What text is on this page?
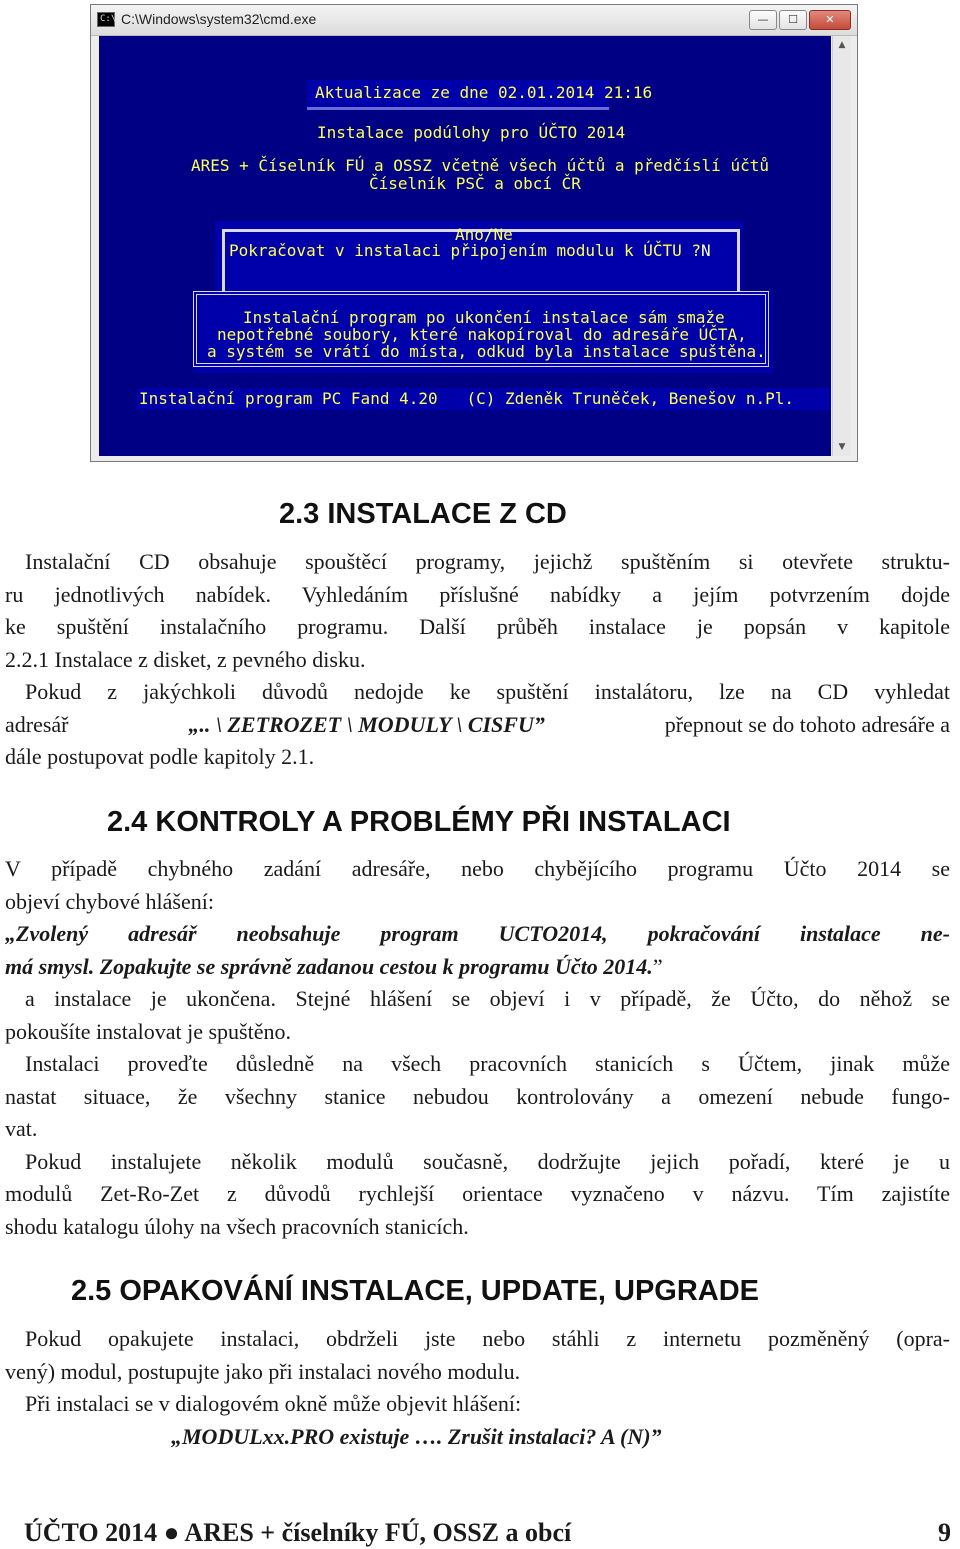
C:\ C:\Windows\system32\cmd.exe	—	☐	✕
Aktualizace ze dne 02.01.2014 21:16
Instalace podúlohy pro ÚČTO 2014
ARES + Číselník FÚ a OSSZ včetně všech účtů a předčíslí účtů
Číselník PSČ a obcí ČR
Ano/Ne
Pokračovat v instalaci připojením modulu k ÚČTU ? N
Instalační program po ukončení instalace sám smaže
nepotřebné soubory, které nakopíroval do adresáře ÚČTA,
a systém se vrátí do místa, odkud byla instalace spuštěna.
Instalační program PC Fand 4.20   (C) Zdeněk Truněček, Benešov n.Pl.
▲
▼
2.3 INSTALACE Z CD
Instalační CD obsahuje spouštěcí programy, jejichž spuštěním si otevřete struktu-
ru jednotlivých nabídek. Vyhledáním příslušné nabídky a jejím potvrzením dojde
ke spuštění instalačního programu. Další průběh instalace je popsán v kapitole
2.2.1 Instalace z disket, z pevného disku.
Pokud z jakýchkoli důvodů nedojde ke spuštění instalátoru, lze na CD vyhledat
adresář	„.. \ ZETROZET \ MODULY \ CISFU”	přepnout se do tohoto adresáře a
dále postupovat podle kapitoly 2.1.
2.4 KONTROLY A PROBLÉMY PŘI INSTALACI
V případě chybného zadání adresáře, nebo chybějícího programu Účto 2014 se
objeví chybové hlášení:
„Zvolený adresář neobsahuje program UCTO2014, pokračování instalace ne-
má smysl. Zopakujte se správně zadanou cestou k programu Účto 2014.”
a instalace je ukončena. Stejné hlášení se objeví i v případě, že Účto, do něhož se
pokoušíte instalovat je spuštěno.
Instalaci proveďte důsledně na všech pracovních stanicích s Účtem, jinak může
nastat situace, že všechny stanice nebudou kontrolovány a omezení nebude fungo-
vat.
Pokud instalujete několik modulů současně, dodržujte jejich pořadí, které je u
modulů Zet-Ro-Zet z důvodů rychlejší orientace vyznačeno v názvu. Tím zajistíte
shodu katalogu úlohy na všech pracovních stanicích.
2.5 OPAKOVÁNÍ INSTALACE, UPDATE, UPGRADE
Pokud opakujete instalaci, obdrželi jste nebo stáhli z internetu pozměněný (opra-
vený) modul, postupujte jako při instalaci nového modulu.
Při instalaci se v dialogovém okně může objevit hlášení:
„MODULxx.PRO existuje …. Zrušit instalaci? A (N)”
ÚČTO 2014 ● ARES + číselníky FÚ, OSSZ a obcí	9
